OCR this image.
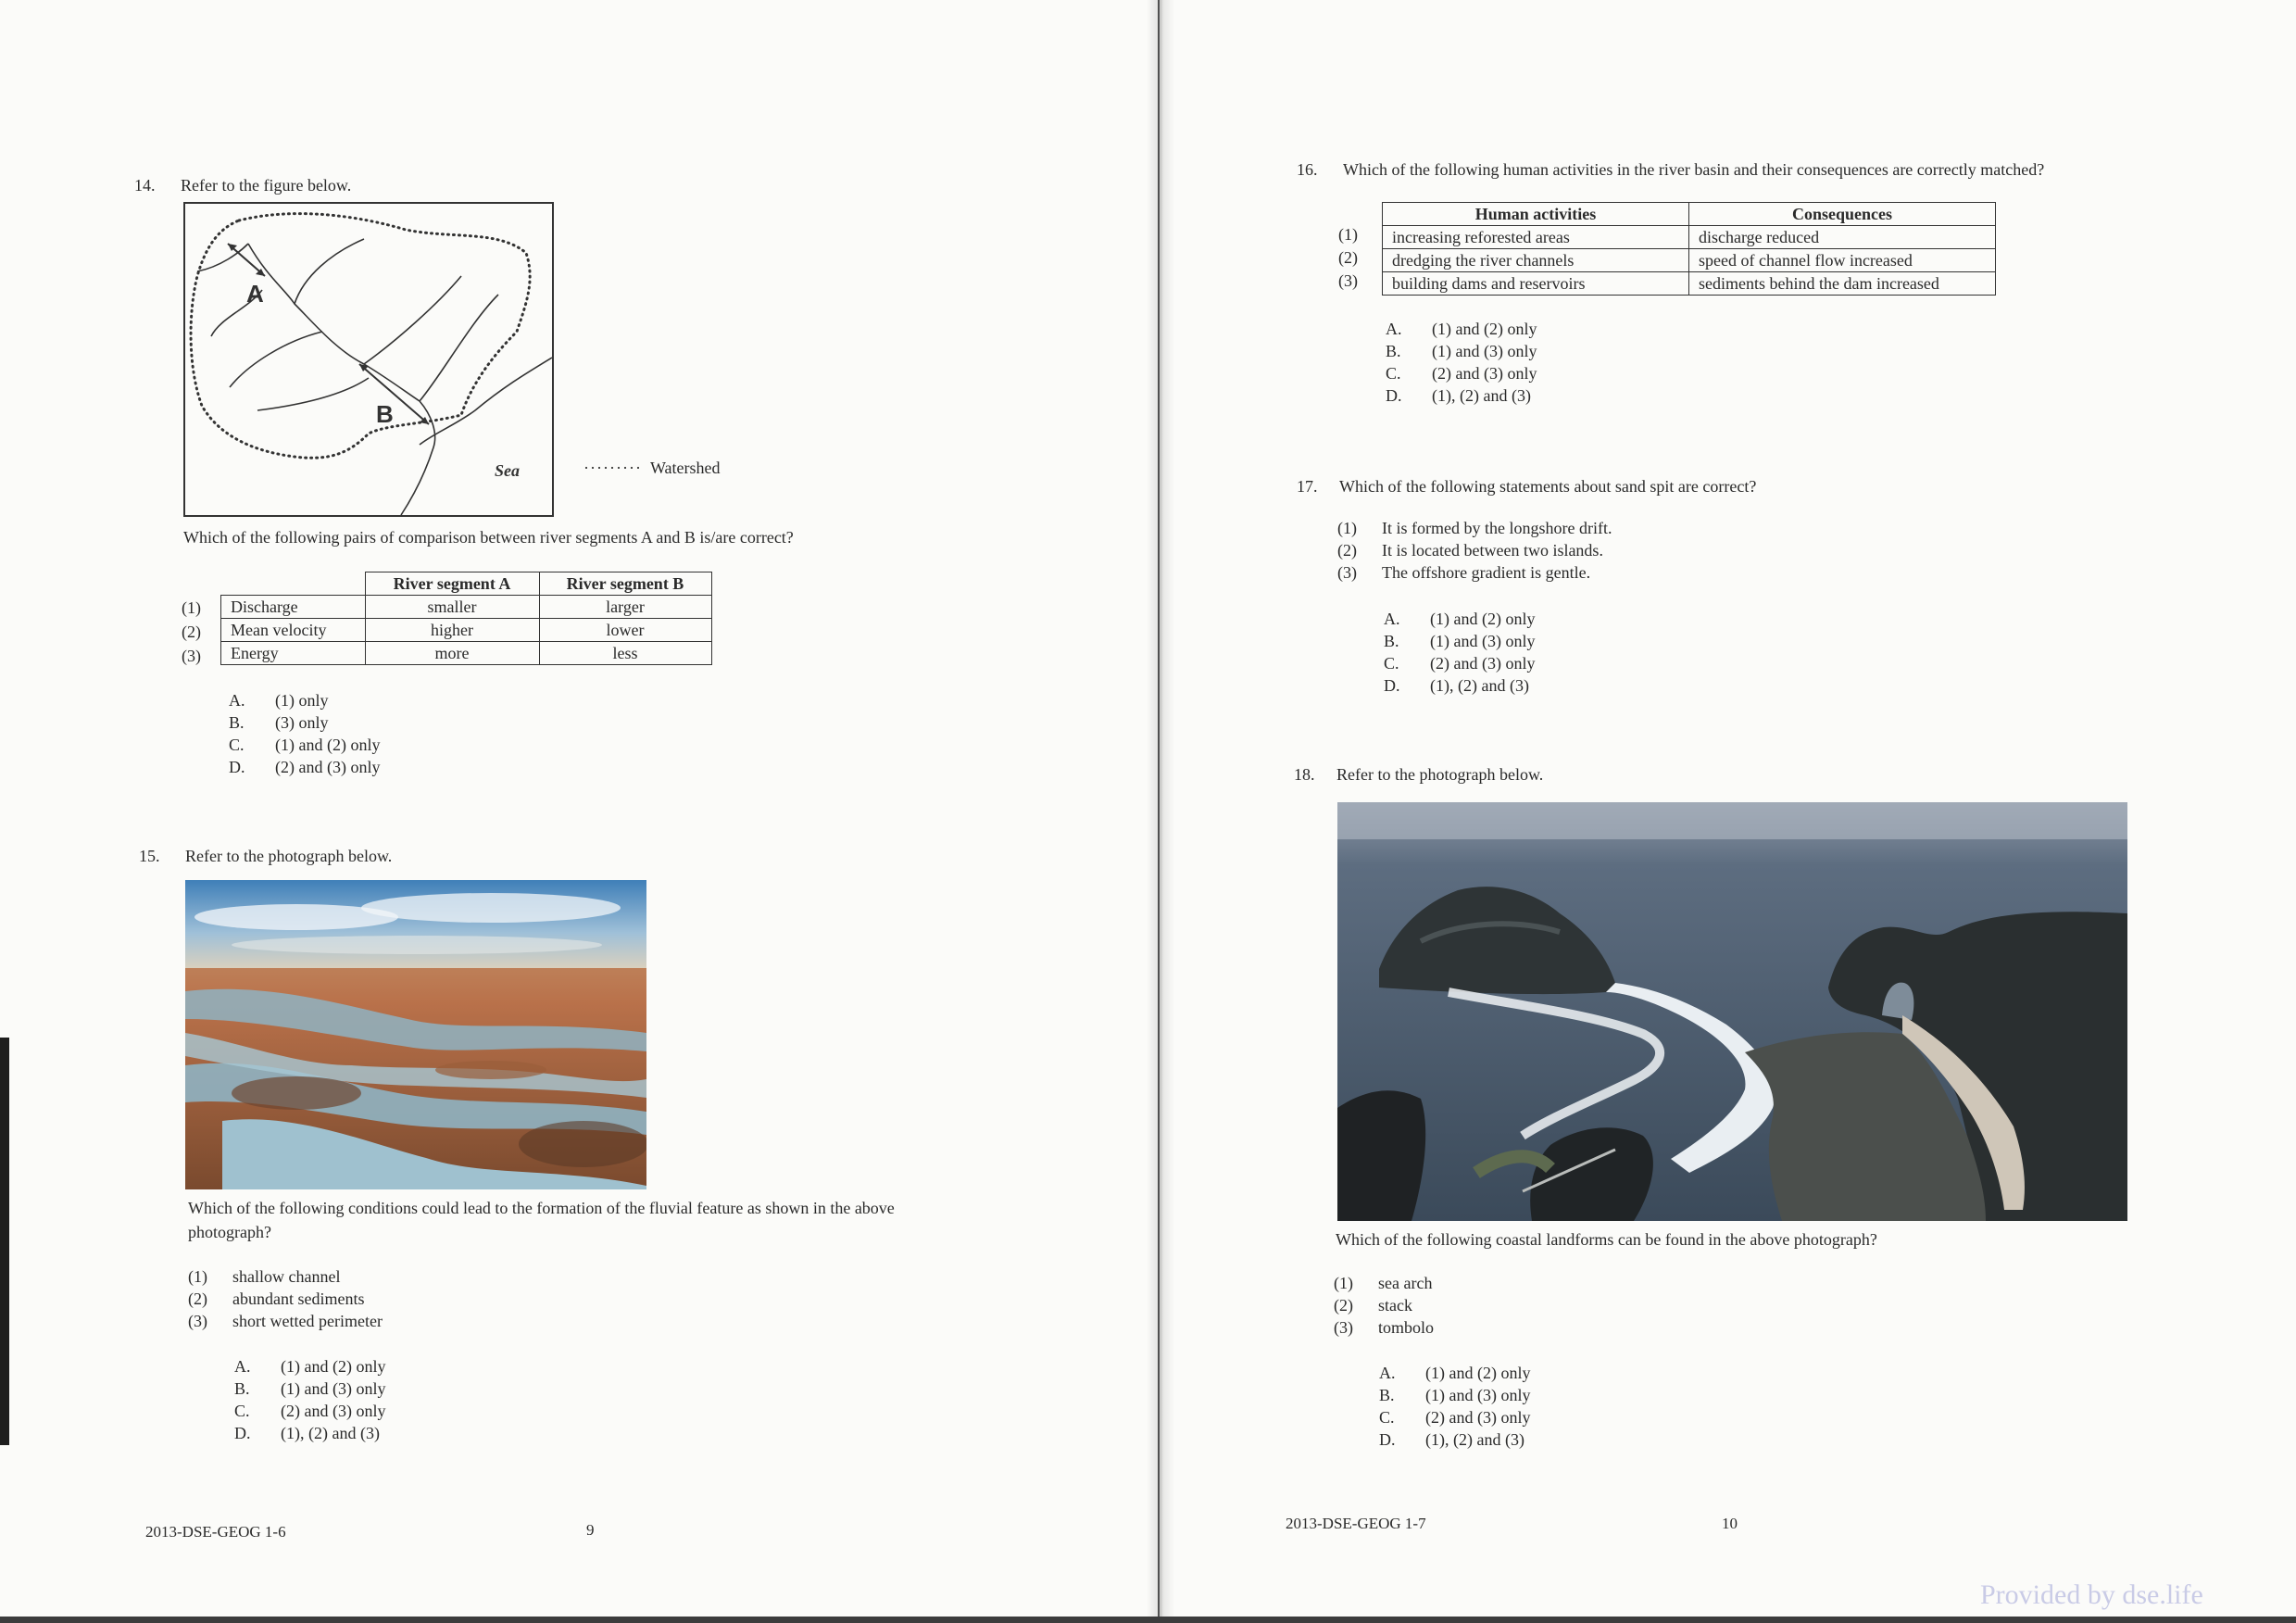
14. Refer to the figure below.
A
B
Sea	········· Watershed
Which of the following pairs of comparison between river segments A and B is/are correct?
(1)
(2)
(3)
	River segment A	River segment B
Discharge	smaller	larger
Mean velocity	higher	lower
Energy	more	less
A. (1) only
B. (3) only
C. (1) and (2) only
D. (2) and (3) only
15. Refer to the photograph below.
Which of the following conditions could lead to the formation of the fluvial feature as shown in the above
photograph?
(1) shallow channel
(2) abundant sediments
(3) short wetted perimeter
A. (1) and (2) only
B. (1) and (3) only
C. (2) and (3) only
D. (1), (2) and (3)
2013-DSE-GEOG 1-6	9
16. Which of the following human activities in the river basin and their consequences are correctly matched?
(1)
(2)
(3)
Human activities	Consequences
increasing reforested areas	discharge reduced
dredging the river channels	speed of channel flow increased
building dams and reservoirs	sediments behind the dam increased
A. (1) and (2) only
B. (1) and (3) only
C. (2) and (3) only
D. (1), (2) and (3)
17. Which of the following statements about sand spit are correct?
(1) It is formed by the longshore drift.
(2) It is located between two islands.
(3) The offshore gradient is gentle.
A. (1) and (2) only
B. (1) and (3) only
C. (2) and (3) only
D. (1), (2) and (3)
18. Refer to the photograph below.
Which of the following coastal landforms can be found in the above photograph?
(1) sea arch
(2) stack
(3) tombolo
A. (1) and (2) only
B. (1) and (3) only
C. (2) and (3) only
D. (1), (2) and (3)
2013-DSE-GEOG 1-7	10
Provided by dse.life
